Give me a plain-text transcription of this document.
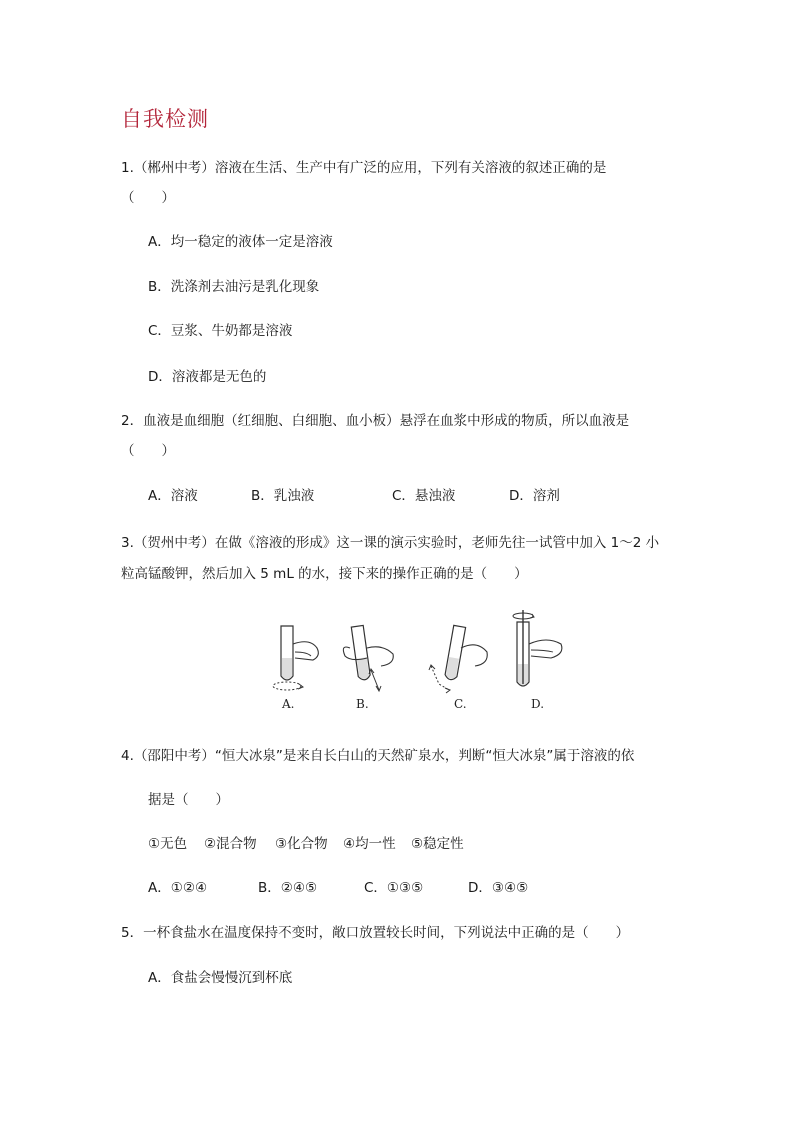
自我检测
1.（郴州中考）溶液在生活、生产中有广泛的应用，下列有关溶液的叙述正确的是
（　　）
A．均一稳定的液体一定是溶液
B．洗涤剂去油污是乳化现象
C．豆浆、牛奶都是溶液
D．溶液都是无色的
2．血液是血细胞（红细胞、白细胞、血小板）悬浮在血浆中形成的物质，所以血液是
（　　）
A．溶液	B．乳浊液	C．悬浊液	D．溶剂
3.（贺州中考）在做《溶液的形成》这一课的演示实验时，老师先往一试管中加入 1～2 小
粒高锰酸钾，然后加入 5 mL 的水，接下来的操作正确的是（　　）
A.	B.	C.	D.
4.（邵阳中考）“恒大冰泉”是来自长白山的天然矿泉水，判断“恒大冰泉”属于溶液的依
据是（　　）
①无色 ②混合物 ③化合物 ④均一性 ⑤稳定性
A．①②④	B．②④⑤	C．①③⑤	D．③④⑤
5．一杯食盐水在温度保持不变时，敞口放置较长时间，下列说法中正确的是（　　）
A．食盐会慢慢沉到杯底
